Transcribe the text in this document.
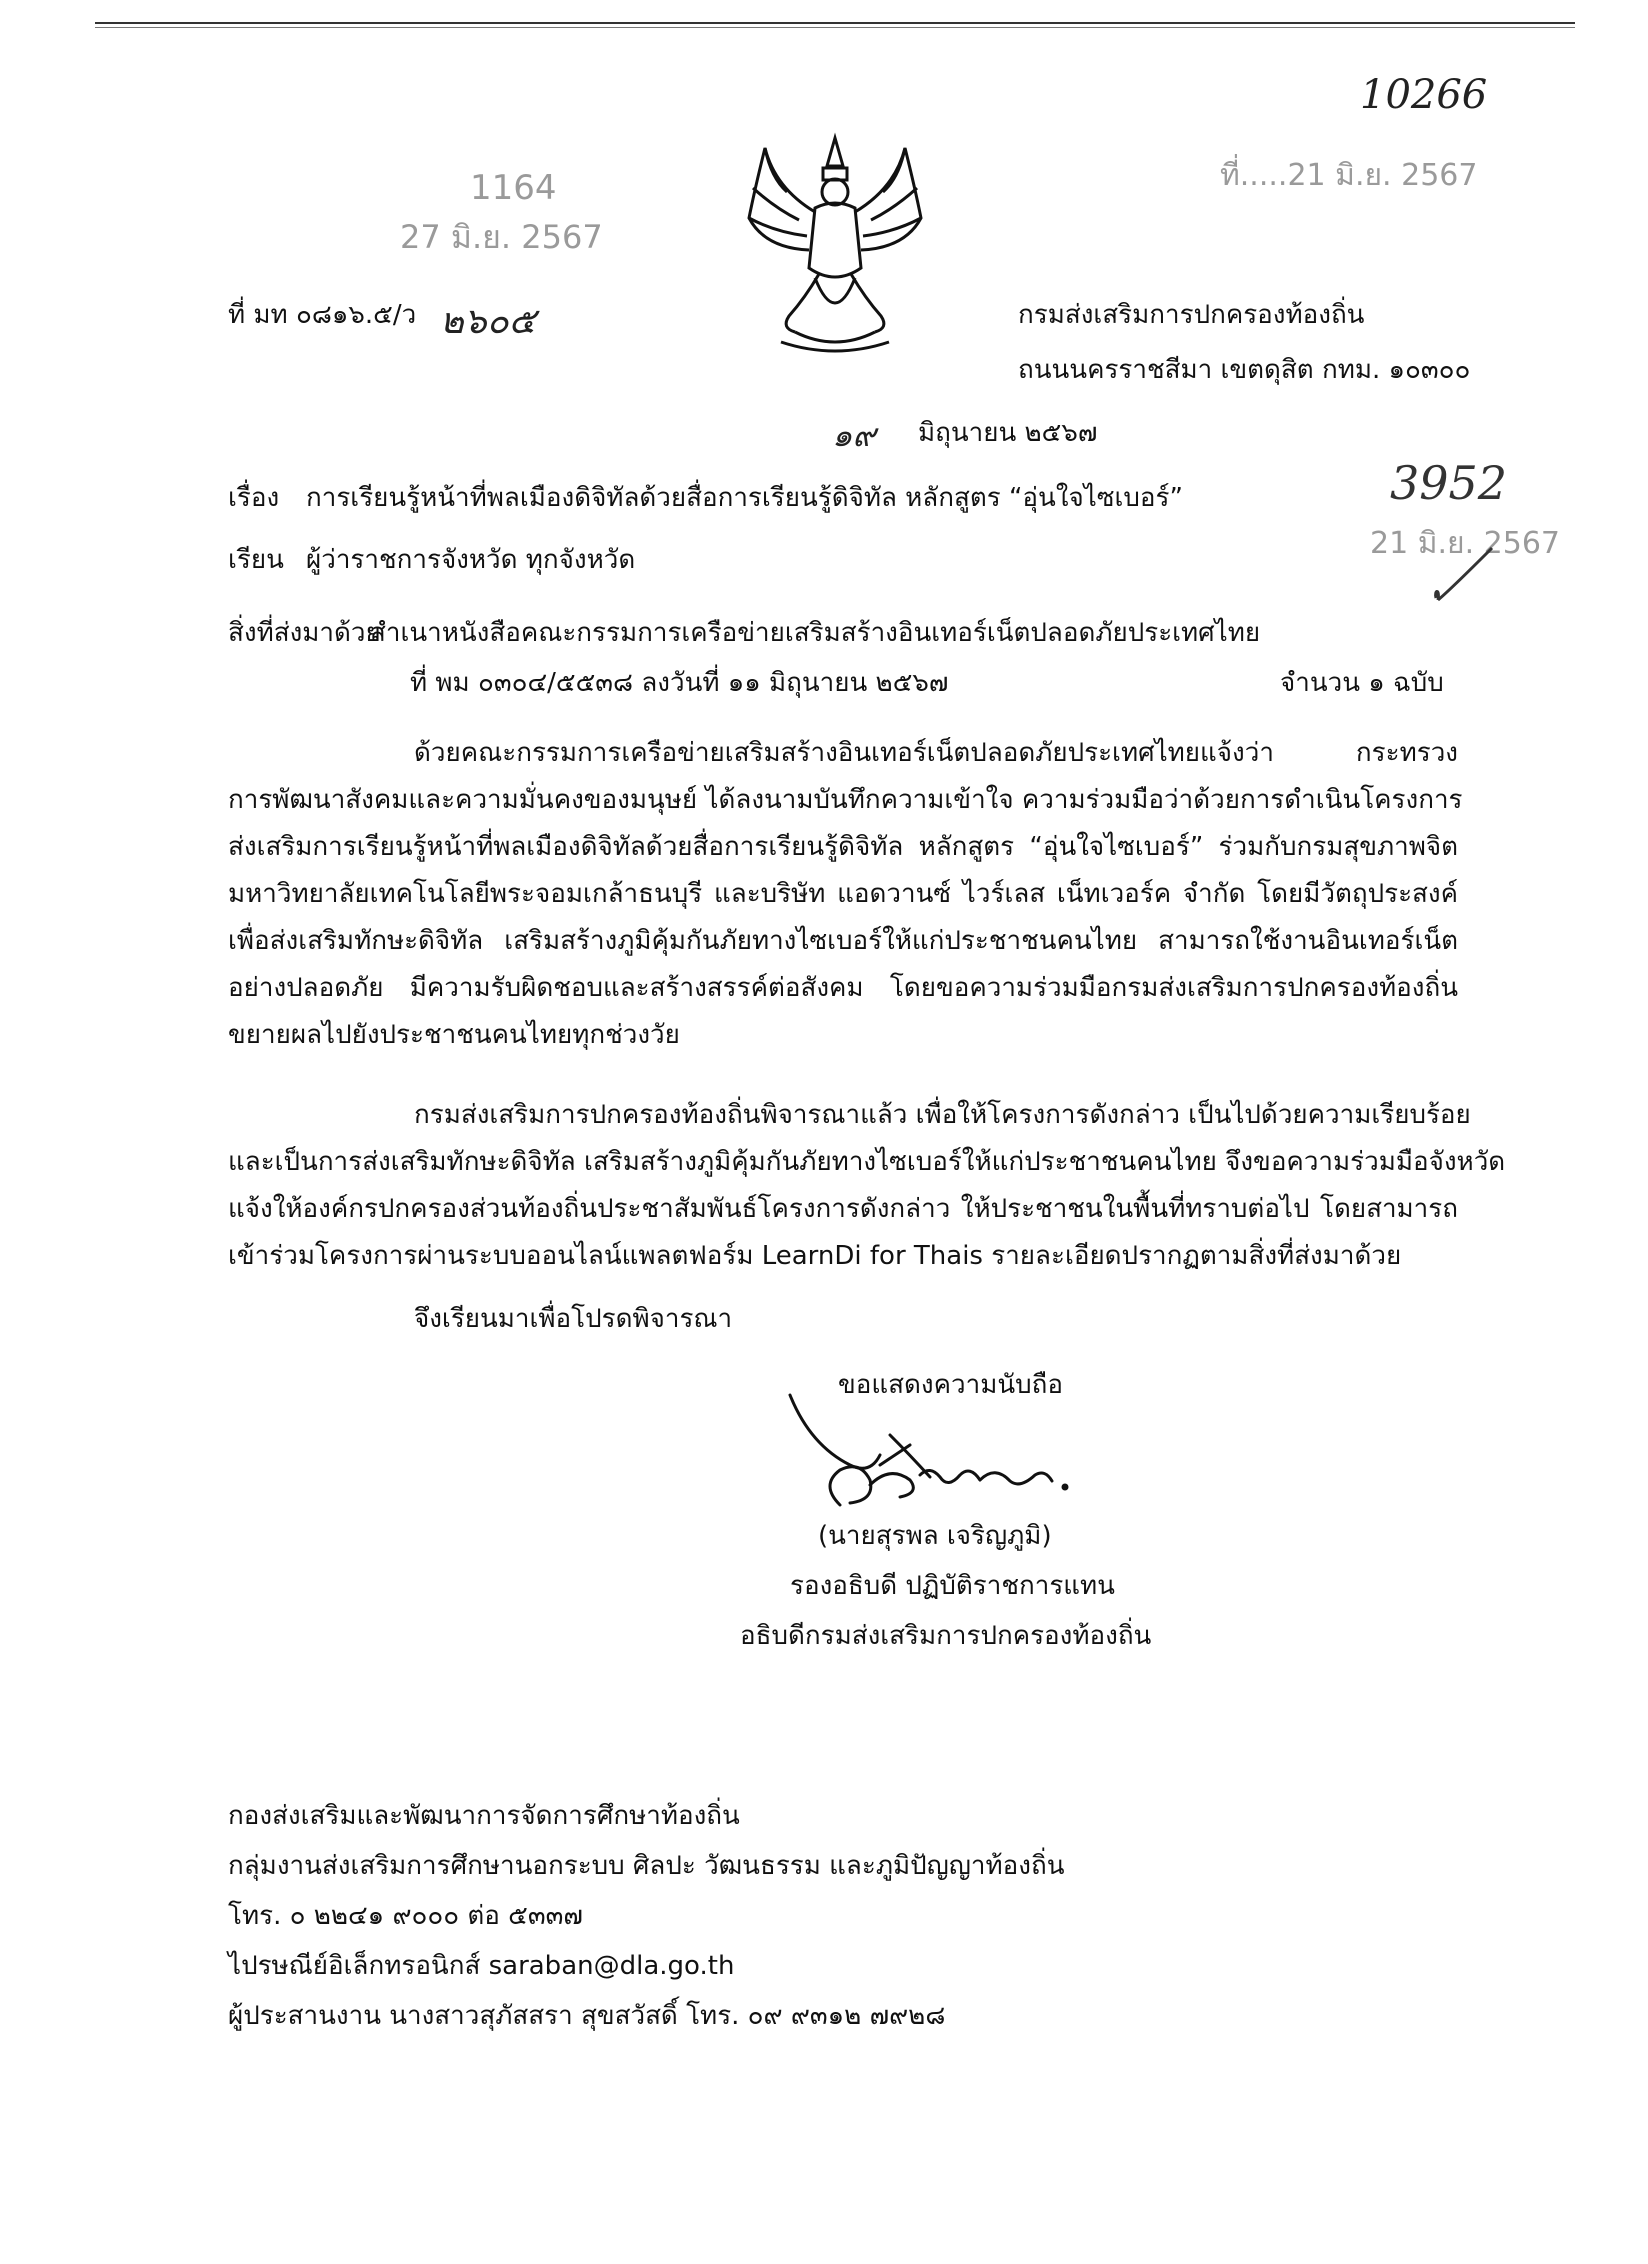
1164
27 มิ.ย. 2567
10266
ที่.....21 มิ.ย. 2567
3952
21 มิ.ย. 2567
ที่ มท ๐๘๑๖.๕/ว ๒๖๐๕	กรมส่งเสริมการปกครองท้องถิ่น
ถนนนครราชสีมา เขตดุสิต กทม. ๑๐๓๐๐
๑๙ มิถุนายน ๒๕๖๗
เรื่อง การเรียนรู้หน้าที่พลเมืองดิจิทัลด้วยสื่อการเรียนรู้ดิจิทัล หลักสูตร “อุ่นใจไซเบอร์”
เรียน ผู้ว่าราชการจังหวัด ทุกจังหวัด
สิ่งที่ส่งมาด้วย
สำเนาหนังสือคณะกรรมการเครือข่ายเสริมสร้างอินเทอร์เน็ตปลอดภัยประเทศไทย
ที่ พม ๐๓๐๔/๕๕๓๘ ลงวันที่ ๑๑ มิถุนายน ๒๕๖๗	จำนวน ๑ ฉบับ
ด้วยคณะกรรมการเครือข่ายเสริมสร้างอินเทอร์เน็ตปลอดภัยประเทศไทยแจ้งว่า กระทรวง
การพัฒนาสังคมและความมั่นคงของมนุษย์ ได้ลงนามบันทึกความเข้าใจ ความร่วมมือว่าด้วยการดำเนินโครงการ
ส่งเสริมการเรียนรู้หน้าที่พลเมืองดิจิทัลด้วยสื่อการเรียนรู้ดิจิทัล หลักสูตร “อุ่นใจไซเบอร์” ร่วมกับกรมสุขภาพจิต
มหาวิทยาลัยเทคโนโลยีพระจอมเกล้าธนบุรี และบริษัท แอดวานซ์ ไวร์เลส เน็ทเวอร์ค จำกัด โดยมีวัตถุประสงค์
เพื่อส่งเสริมทักษะดิจิทัล เสริมสร้างภูมิคุ้มกันภัยทางไซเบอร์ให้แก่ประชาชนคนไทย สามารถใช้งานอินเทอร์เน็ต
อย่างปลอดภัย มีความรับผิดชอบและสร้างสรรค์ต่อสังคม โดยขอความร่วมมือกรมส่งเสริมการปกครองท้องถิ่น
ขยายผลไปยังประชาชนคนไทยทุกช่วงวัย
กรมส่งเสริมการปกครองท้องถิ่นพิจารณาแล้ว เพื่อให้โครงการดังกล่าว เป็นไปด้วยความเรียบร้อย
และเป็นการส่งเสริมทักษะดิจิทัล เสริมสร้างภูมิคุ้มกันภัยทางไซเบอร์ให้แก่ประชาชนคนไทย จึงขอความร่วมมือจังหวัด
แจ้งให้องค์กรปกครองส่วนท้องถิ่นประชาสัมพันธ์โครงการดังกล่าว ให้ประชาชนในพื้นที่ทราบต่อไป โดยสามารถ
เข้าร่วมโครงการผ่านระบบออนไลน์แพลตฟอร์ม LearnDi for Thais รายละเอียดปรากฏตามสิ่งที่ส่งมาด้วย
จึงเรียนมาเพื่อโปรดพิจารณา
ขอแสดงความนับถือ
(นายสุรพล เจริญภูมิ)
รองอธิบดี ปฏิบัติราชการแทน
อธิบดีกรมส่งเสริมการปกครองท้องถิ่น
กองส่งเสริมและพัฒนาการจัดการศึกษาท้องถิ่น
กลุ่มงานส่งเสริมการศึกษานอกระบบ ศิลปะ วัฒนธรรม และภูมิปัญญาท้องถิ่น
โทร. ๐ ๒๒๔๑ ๙๐๐๐ ต่อ ๕๓๓๗
ไปรษณีย์อิเล็กทรอนิกส์ saraban@dla.go.th
ผู้ประสานงาน นางสาวสุภัสสรา สุขสวัสดิ์ โทร. ๐๙ ๙๓๑๒ ๗๙๒๘
